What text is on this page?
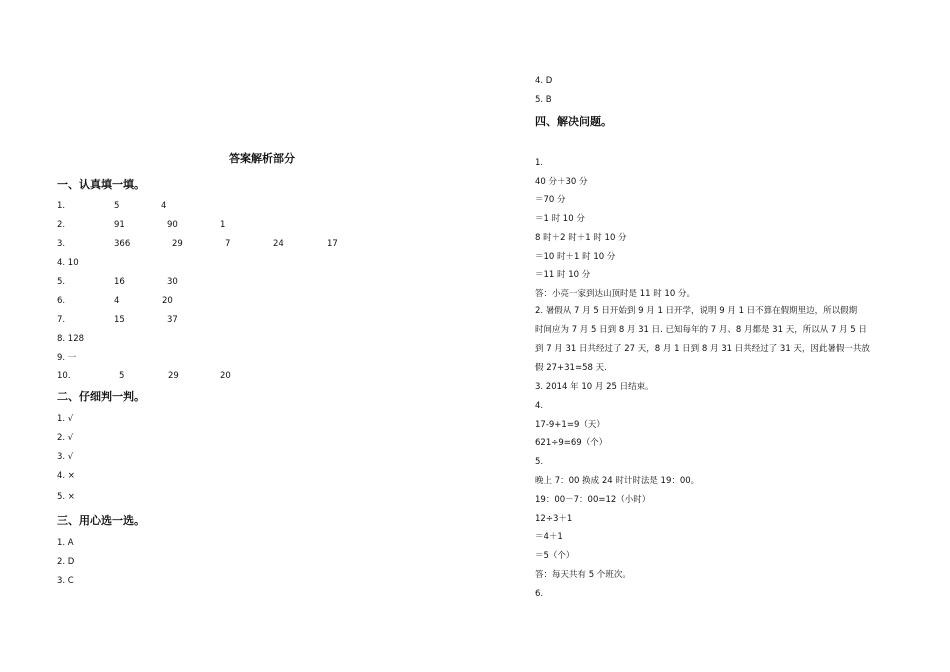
答案解析部分
一、认真填一填。
1.	5	4
2.	91	90	1
3.	366	29	7	24	17
4. 10
5.	16	30
6.	4	20
7.	15	37
8. 128
9. 一
10.	5	29	20
二、仔细判一判。
1. √
2. √
3. √
4. ×
5. ×
三、用心选一选。
1. A
2. D
3. C
4. D
5. B
四、解决问题。
1.
40 分＋30 分
＝70 分
＝1 时 10 分
8 时＋2 时＋1 时 10 分
＝10 时＋1 时 10 分
＝11 时 10 分
答：小亮一家到达山顶时是 11 时 10 分。
2. 暑假从 7 月 5 日开始到 9 月 1 日开学，说明 9 月 1 日不算在假期里边，所以假期
时间应为 7 月 5 日到 8 月 31 日. 已知每年的 7 月、8 月都是 31 天，所以从 7 月 5 日
到 7 月 31 日共经过了 27 天，8 月 1 日到 8 月 31 日共经过了 31 天，因此暑假一共放
假 27+31=58 天.
3. 2014 年 10 月 25 日结束。
4.
17-9+1=9（天）
621÷9=69（个）
5.
晚上 7：00 换成 24 时计时法是 19：00。
19：00－7：00=12（小时）
12÷3＋1
＝4＋1
＝5（个）
答：每天共有 5 个班次。
6.
